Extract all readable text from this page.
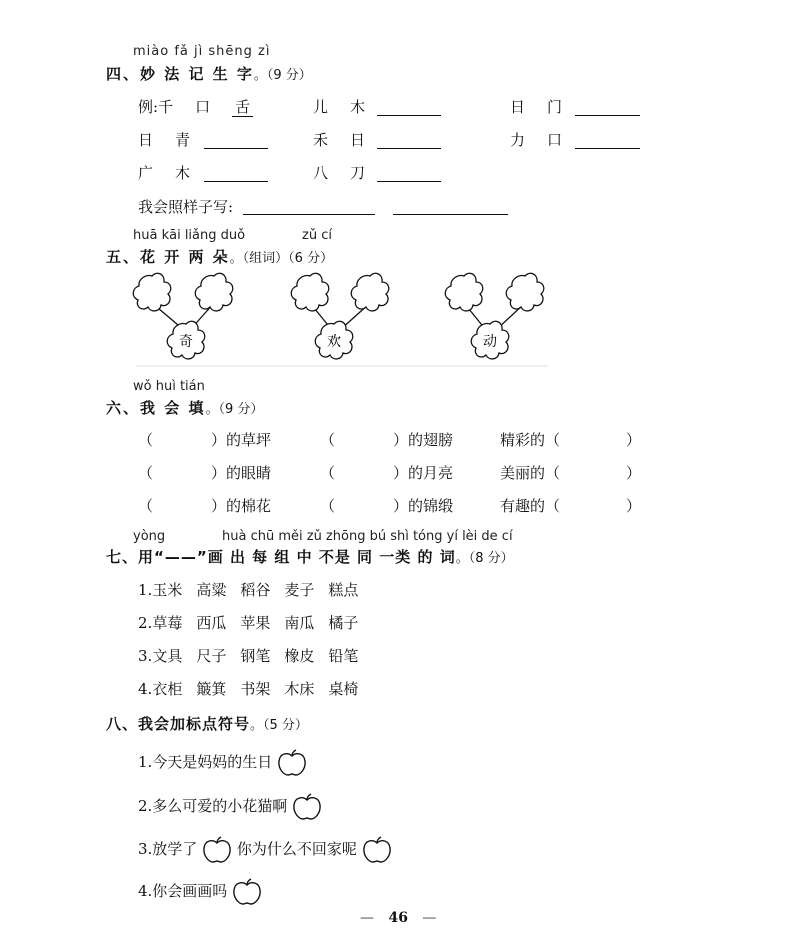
miào fǎ jì shēng zì
四、妙 法 记 生 字。（9 分）
例:千 口 舌	儿 木	日 门
日 青	禾 日	力 口
广 木	八 刀
我会照样子写:
huā kāi liǎng duǒ	zǔ cí
五、花 开 两 朵。（组词）（6 分）
奇	欢	动
wǒ huì tián
六、我 会 填。（9 分）
（	）的草坪	（	）的翅膀	精彩的（	）
（	）的眼睛	（	）的月亮	美丽的（	）
（	）的棉花	（	）的锦缎	有趣的（	）
yòng	huà chū měi zǔ zhōng bú shì tóng yí lèi de cí
七、用“——”画 出 每 组 中 不是 同 一类 的 词。（8 分）
1.玉米 高粱 稻谷 麦子 糕点
2.草莓 西瓜 苹果 南瓜 橘子
3.文具 尺子 钢笔 橡皮 铅笔
4.衣柜 簸箕 书架 木床 桌椅
八、我会加标点符号。（5 分）
1.今天是妈妈的生日
2.多么可爱的小花猫啊
3.放学了	你为什么不回家呢
4.你会画画吗
— 46 —
